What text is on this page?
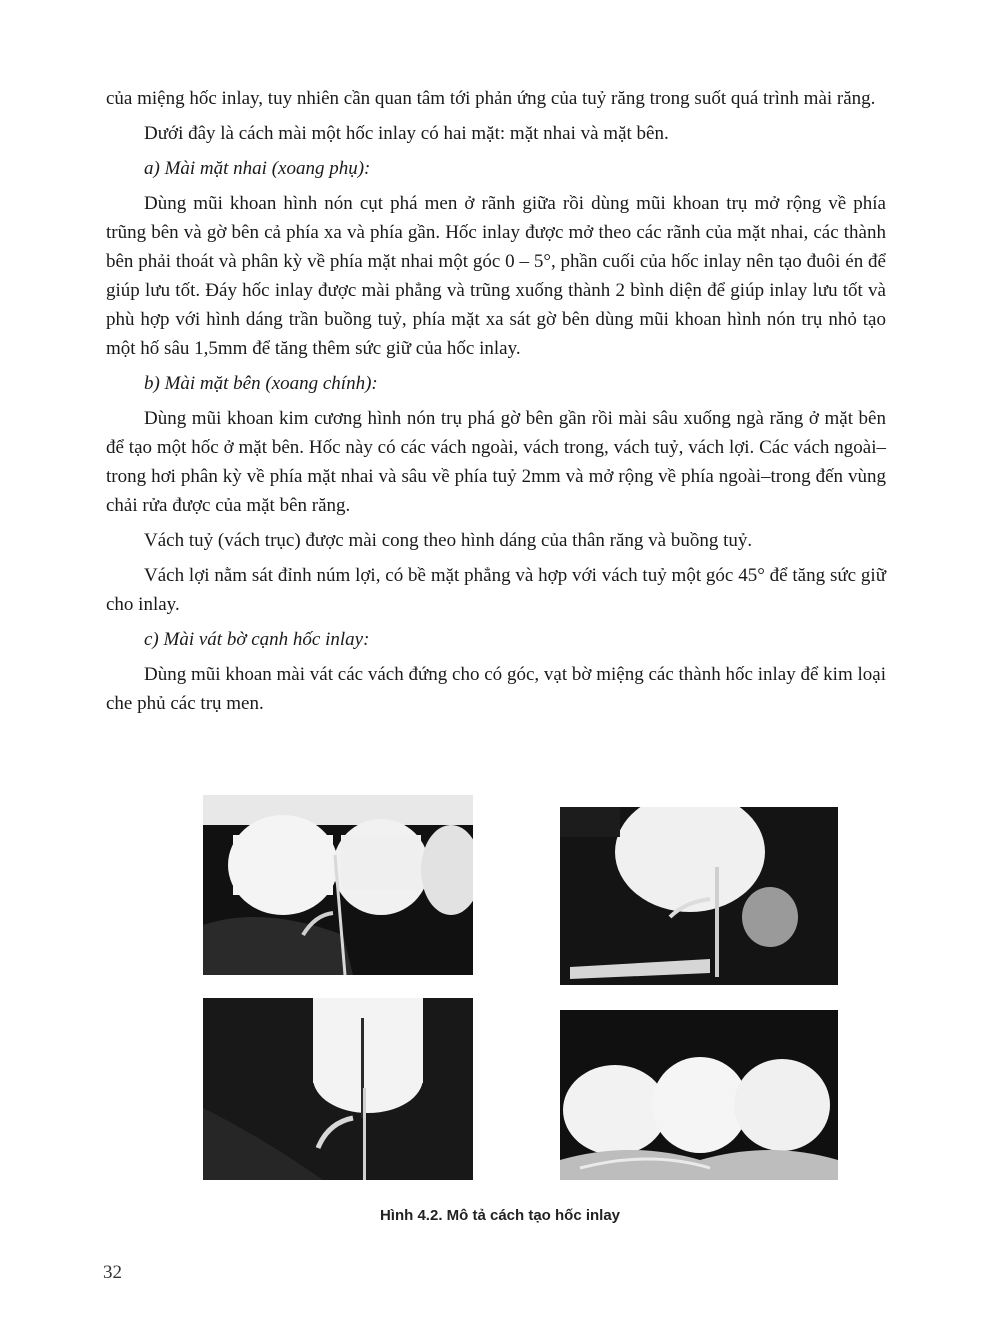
của miệng hốc inlay, tuy nhiên cần quan tâm tới phản ứng của tuỷ răng trong suốt quá trình mài răng.

Dưới đây là cách mài một hốc inlay có hai mặt: mặt nhai và mặt bên.

a) Mài mặt nhai (xoang phụ):

Dùng mũi khoan hình nón cụt phá men ở rãnh giữa rồi dùng mũi khoan trụ mở rộng về phía trũng bên và gờ bên cả phía xa và phía gần. Hốc inlay được mở theo các rãnh của mặt nhai, các thành bên phải thoát và phân kỳ về phía mặt nhai một góc 0 – 5°, phần cuối của hốc inlay nên tạo đuôi én để giúp lưu tốt. Đáy hốc inlay được mài phẳng và trũng xuống thành 2 bình diện để giúp inlay lưu tốt và phù hợp với hình dáng trần buồng tuỷ, phía mặt xa sát gờ bên dùng mũi khoan hình nón trụ nhỏ tạo một hố sâu 1,5mm để tăng thêm sức giữ của hốc inlay.

b) Mài mặt bên (xoang chính):

Dùng mũi khoan kim cương hình nón trụ phá gờ bên gần rồi mài sâu xuống ngà răng ở mặt bên để tạo một hốc ở mặt bên. Hốc này có các vách ngoài, vách trong, vách tuỷ, vách lợi. Các vách ngoài–trong hơi phân kỳ về phía mặt nhai và sâu về phía tuỷ 2mm và mở rộng về phía ngoài–trong đến vùng chải rửa được của mặt bên răng.

Vách tuỷ (vách trục) được mài cong theo hình dáng của thân răng và buồng tuỷ.

Vách lợi nằm sát đỉnh núm lợi, có bề mặt phẳng và hợp với vách tuỷ một góc 45° để tăng sức giữ cho inlay.

c) Mài vát bờ cạnh hốc inlay:

Dùng mũi khoan mài vát các vách đứng cho có góc, vạt bờ miệng các thành hốc inlay để kim loại che phủ các trụ men.

Hình 4.2. Mô tả cách tạo hốc inlay
32
